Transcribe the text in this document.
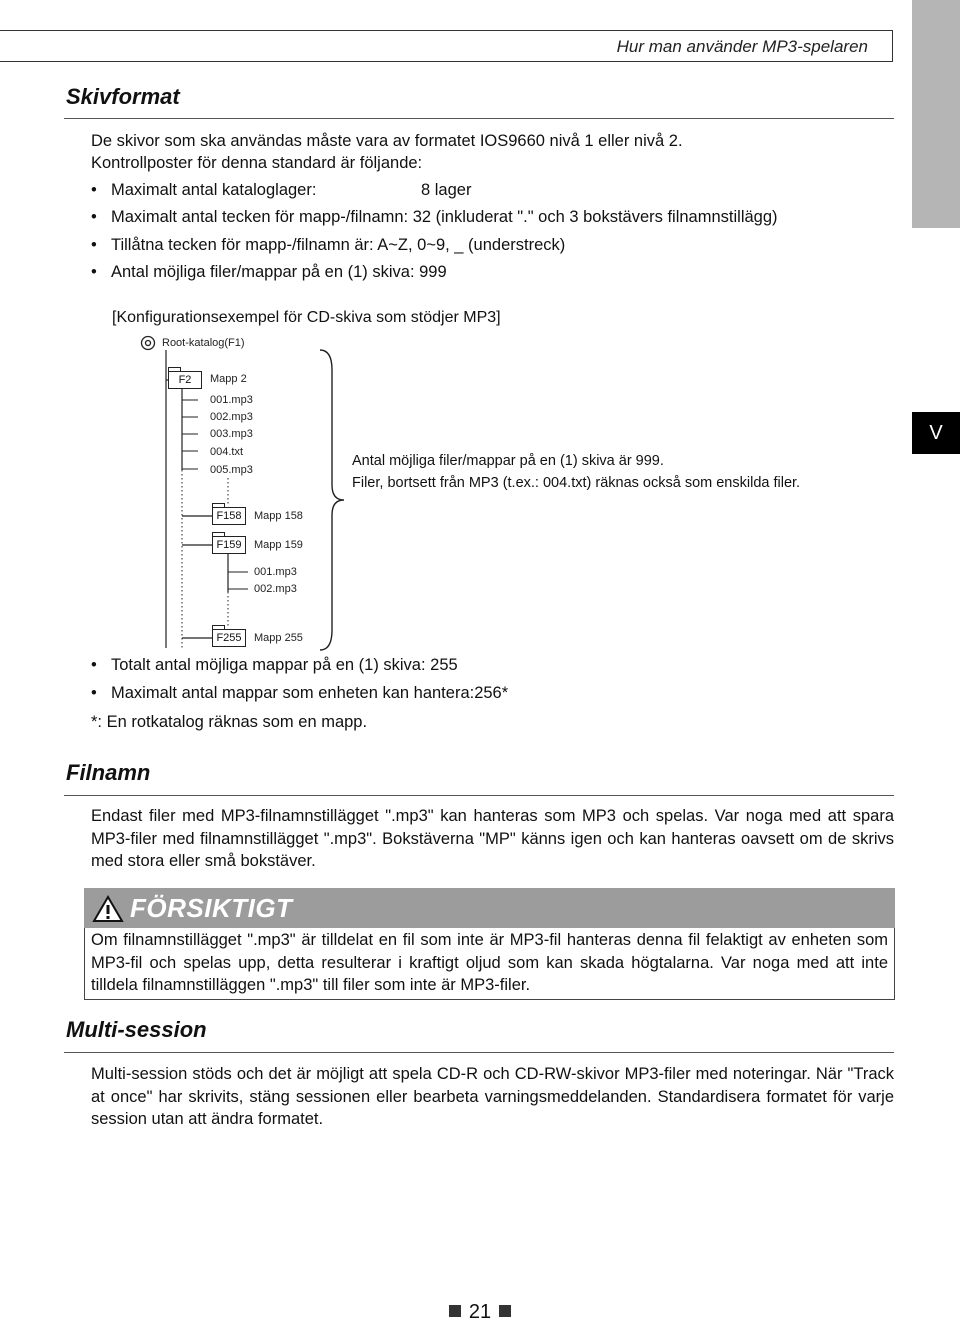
Hur man använder MP3-spelaren
V
Skivformat
De skivor som ska användas måste vara av formatet IOS9660 nivå 1 eller nivå 2.
Kontrollposter för denna standard är följande:
• Maximalt antal kataloglager:	8 lager
• Maximalt antal tecken för mapp-/filnamn: 32 (inkluderat "." och 3 bokstävers filnamnstillägg)
• Tillåtna tecken för mapp-/filnamn är: A~Z, 0~9, _ (understreck)
• Antal möjliga filer/mappar på en (1) skiva: 999
[Konfigurationsexempel för CD-skiva som stödjer MP3]
Root-katalog(F1)
F2	Mapp 2
001.mp3
002.mp3
003.mp3
004.txt
005.mp3
F158	Mapp 158
F159	Mapp 159
001.mp3
002.mp3
F255	Mapp 255
Antal möjliga filer/mappar på en (1) skiva är 999.
Filer, bortsett från MP3 (t.ex.: 004.txt) räknas också som enskilda filer.
• Totalt antal möjliga mappar på en (1) skiva: 255
• Maximalt antal mappar som enheten kan hantera:256*
*: En rotkatalog räknas som en mapp.
Filnamn
Endast filer med MP3-filnamnstillägget ".mp3" kan hanteras som MP3 och spelas. Var noga med att spara MP3-filer med filnamnstillägget ".mp3". Bokstäverna "MP" känns igen och kan hanteras oavsett om de skrivs med stora eller små bokstäver.
FÖRSIKTIGT
Om filnamnstillägget ".mp3" är tilldelat en fil som inte är MP3-fil hanteras denna fil felaktigt av enheten som MP3-fil och spelas upp, detta resulterar i kraftigt oljud som kan skada högtalarna. Var noga med att inte tilldela filnamnstilläggen ".mp3" till filer som inte är MP3-filer.
Multi-session
Multi-session stöds och det är möjligt att spela CD-R och CD-RW-skivor MP3-filer med noteringar. När "Track at once" har skrivits, stäng sessionen eller bearbeta varningsmeddelanden. Standardisera formatet för varje session utan att ändra formatet.
21
